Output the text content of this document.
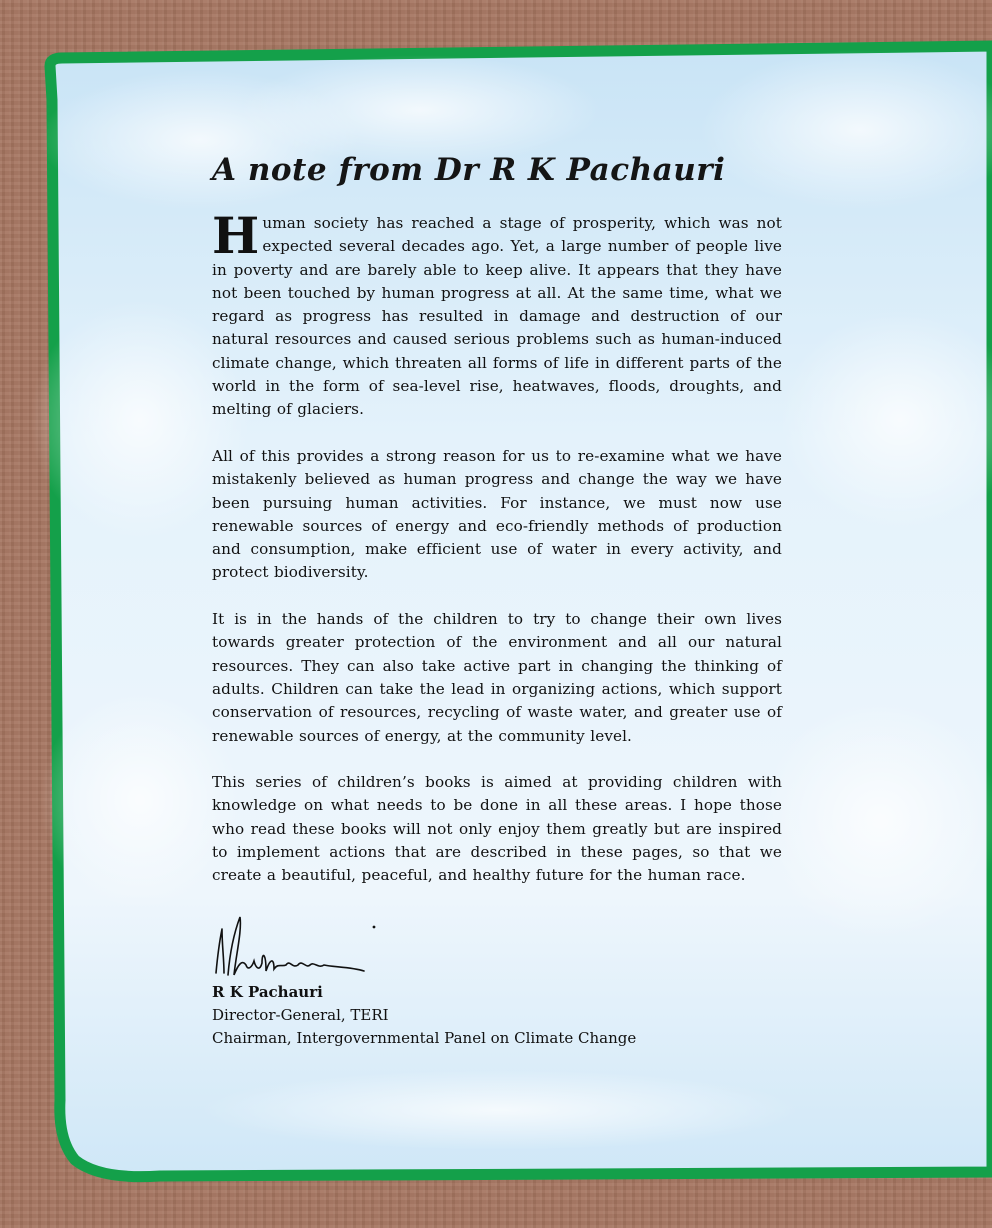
A note from Dr R K Pachauri

Human society has reached a stage of prosperity, which was not expected several decades ago. Yet, a large number of people live in poverty and are barely able to keep alive. It appears that they have not been touched by human progress at all. At the same time, what we regard as progress has resulted in damage and destruction of our natural resources and caused serious problems such as human-induced climate change, which threaten all forms of life in different parts of the world in the form of sea-level rise, heatwaves, floods, droughts, and melting of glaciers.

All of this provides a strong reason for us to re-examine what we have mistakenly believed as human progress and change the way we have been pursuing human activities. For instance, we must now use renewable sources of energy and eco-friendly methods of production and consumption, make efficient use of water in every activity, and protect biodiversity.

It is in the hands of the children to try to change their own lives towards greater protection of the environment and all our natural resources. They can also take active part in changing the thinking of adults. Children can take the lead in organizing actions, which support conservation of resources, recycling of waste water, and greater use of renewable sources of energy, at the community level.

This series of children’s books is aimed at providing children with knowledge on what needs to be done in all these areas. I hope those who read these books will not only enjoy them greatly but are inspired to implement actions that are described in these pages, so that we create a beautiful, peaceful, and healthy future for the human race.

R K Pachauri
Director-General, TERI
Chairman, Intergovernmental Panel on Climate Change
